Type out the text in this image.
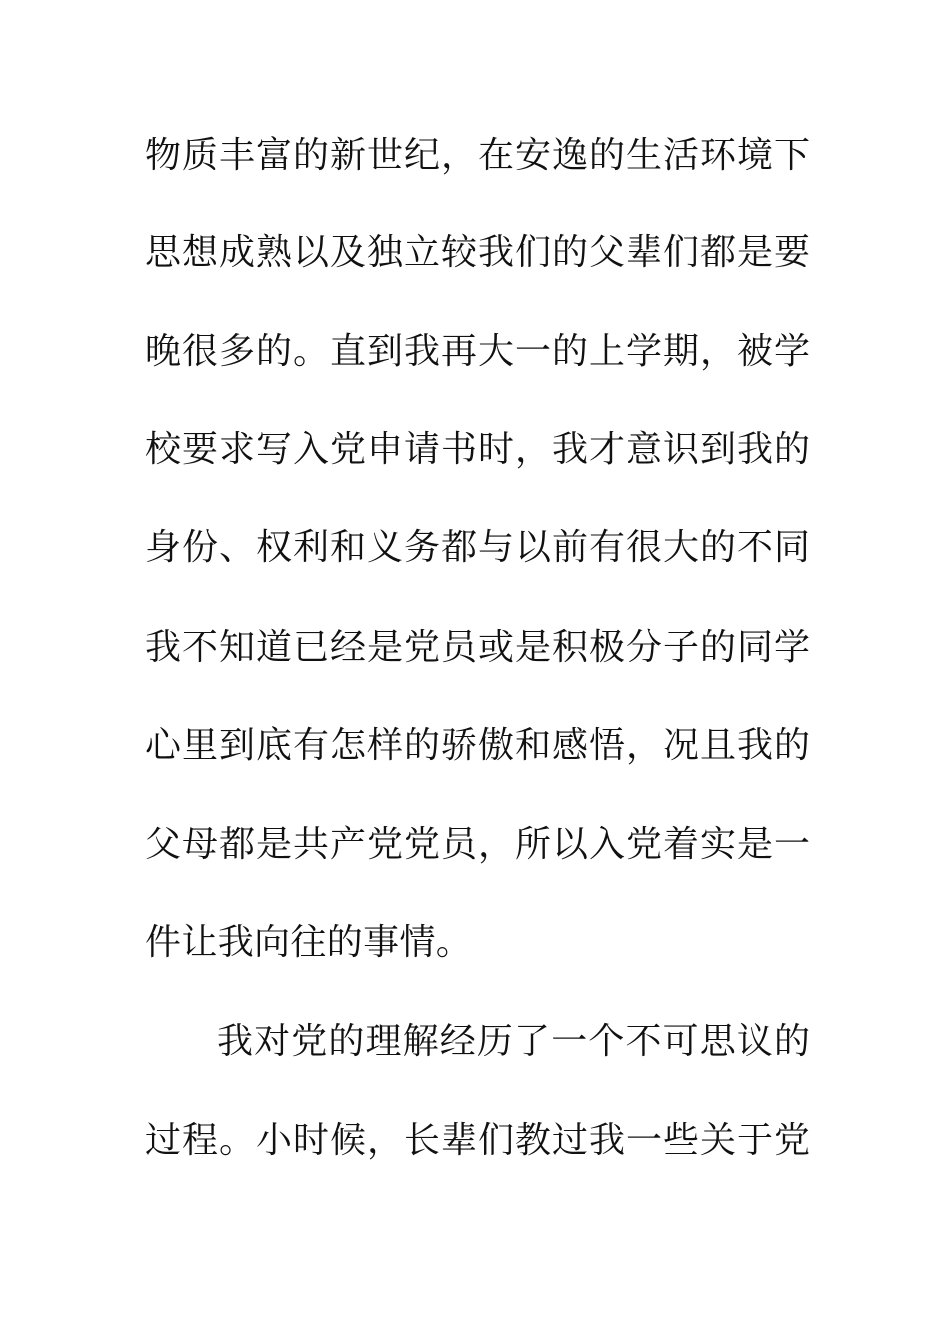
物质丰富的新世纪，在安逸的生活环境下
思想成熟以及独立较我们的父辈们都是要
晚很多的。直到我再大一的上学期，被学
校要求写入党申请书时，我才意识到我的
身份、权利和义务都与以前有很大的不同
我不知道已经是党员或是积极分子的同学
心里到底有怎样的骄傲和感悟，况且我的
父母都是共产党党员，所以入党着实是一
件让我向往的事情。
我对党的理解经历了一个不可思议的
过程。小时候，长辈们教过我一些关于党
